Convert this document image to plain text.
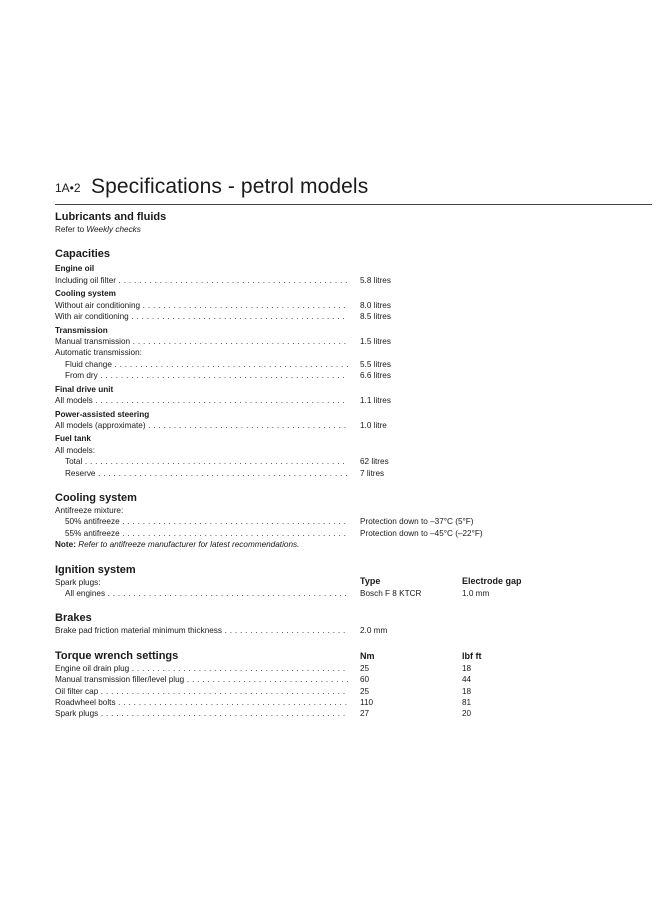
1A•2 Specifications - petrol models
Lubricants and fluids
Refer to Weekly checks
Capacities
Engine oil
Including oil filter . . .	5.8 litres
Cooling system
Without air conditioning . . .	8.0 litres
With air conditioning . . .	8.5 litres
Transmission
Manual transmission . . .	1.5 litres
Automatic transmission:
Fluid change . . .	5.5 litres
From dry . . .	6.6 litres
Final drive unit
All models . . .	1.1 litres
Power-assisted steering
All models (approximate) . . .	1.0 litre
Fuel tank
All models:
Total . . .	62 litres
Reserve . . .	7 litres
Cooling system
Antifreeze mixture:
50% antifreeze . . .	Protection down to –37°C (5°F)
55% antifreeze . . .	Protection down to –45°C (–22°F)
Note: Refer to antifreeze manufacturer for latest recommendations.
Ignition system
Spark plugs:	Type	Electrode gap
All engines . . .	Bosch F 8 KTCR	1.0 mm
Brakes
Brake pad friction material minimum thickness . . .	2.0 mm
Torque wrench settings	Nm	lbf ft
Engine oil drain plug . . .	25	18
Manual transmission filler/level plug . . .	60	44
Oil filter cap . . .	25	18
Roadwheel bolts . . .	110	81
Spark plugs . . .	27	20
